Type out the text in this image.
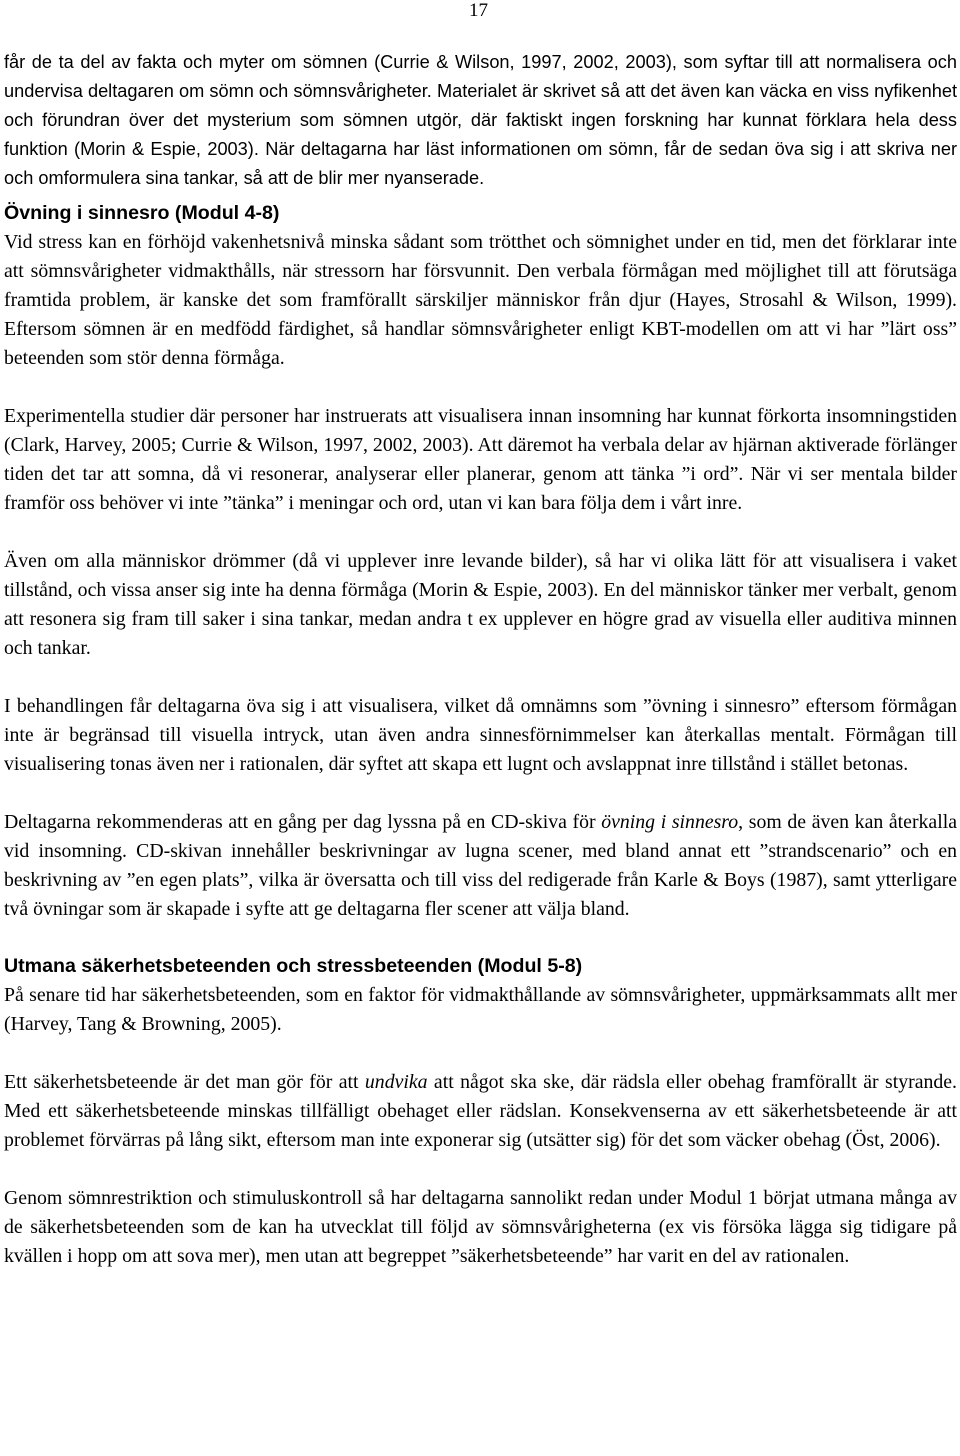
17

får de ta del av fakta och myter om sömnen (Currie & Wilson, 1997, 2002, 2003), som syftar till att normalisera och undervisa deltagaren om sömn och sömnsvårigheter. Materialet är skrivet så att det även kan väcka en viss nyfikenhet och förundran över det mysterium som sömnen utgör, där faktiskt ingen forskning har kunnat förklara hela dess funktion (Morin & Espie, 2003). När deltagarna har läst informationen om sömn, får de sedan öva sig i att skriva ner och omformulera sina tankar, så att de blir mer nyanserade.

Övning i sinnesro (Modul 4-8)

Vid stress kan en förhöjd vakenhetsnivå minska sådant som trötthet och sömnighet under en tid, men det förklarar inte att sömnsvårigheter vidmakthålls, när stressorn har försvunnit. Den verbala förmågan med möjlighet till att förutsäga framtida problem, är kanske det som framförallt särskiljer människor från djur (Hayes, Strosahl & Wilson, 1999). Eftersom sömnen är en medfödd färdighet, så handlar sömnsvårigheter enligt KBT-modellen om att vi har ”lärt oss” beteenden som stör denna förmåga.

Experimentella studier där personer har instruerats att visualisera innan insomning har kunnat förkorta insomningstiden (Clark, Harvey, 2005; Currie & Wilson, 1997, 2002, 2003). Att däremot ha verbala delar av hjärnan aktiverade förlänger tiden det tar att somna, då vi resonerar, analyserar eller planerar, genom att tänka ”i ord”. När vi ser mentala bilder framför oss behöver vi inte ”tänka” i meningar och ord, utan vi kan bara följa dem i vårt inre.

Även om alla människor drömmer (då vi upplever inre levande bilder), så har vi olika lätt för att visualisera i vaket tillstånd, och vissa anser sig inte ha denna förmåga (Morin & Espie, 2003). En del människor tänker mer verbalt, genom att resonera sig fram till saker i sina tankar, medan andra t ex upplever en högre grad av visuella eller auditiva minnen och tankar.

I behandlingen får deltagarna öva sig i att visualisera, vilket då omnämns som ”övning i sinnesro” eftersom förmågan inte är begränsad till visuella intryck, utan även andra sinnesförnimmelser kan återkallas mentalt. Förmågan till visualisering tonas även ner i rationalen, där syftet att skapa ett lugnt och avslappnat inre tillstånd i stället betonas.

Deltagarna rekommenderas att en gång per dag lyssna på en CD-skiva för övning i sinnesro, som de även kan återkalla vid insomning. CD-skivan innehåller beskrivningar av lugna scener, med bland annat ett ”strandscenario” och en beskrivning av ”en egen plats”, vilka är översatta och till viss del redigerade från Karle & Boys (1987), samt ytterligare två övningar som är skapade i syfte att ge deltagarna fler scener att välja bland.

Utmana säkerhetsbeteenden och stressbeteenden (Modul 5-8)

På senare tid har säkerhetsbeteenden, som en faktor för vidmakthållande av sömnsvårigheter, uppmärksammats allt mer (Harvey, Tang & Browning, 2005).

Ett säkerhetsbeteende är det man gör för att undvika att något ska ske, där rädsla eller obehag framförallt är styrande. Med ett säkerhetsbeteende minskas tillfälligt obehaget eller rädslan. Konsekvenserna av ett säkerhetsbeteende är att problemet förvärras på lång sikt, eftersom man inte exponerar sig (utsätter sig) för det som väcker obehag (Öst, 2006).

Genom sömnrestriktion och stimuluskontroll så har deltagarna sannolikt redan under Modul 1 börjat utmana många av de säkerhetsbeteenden som de kan ha utvecklat till följd av sömnsvårigheterna (ex vis försöka lägga sig tidigare på kvällen i hopp om att sova mer), men utan att begreppet ”säkerhetsbeteende” har varit en del av rationalen.
